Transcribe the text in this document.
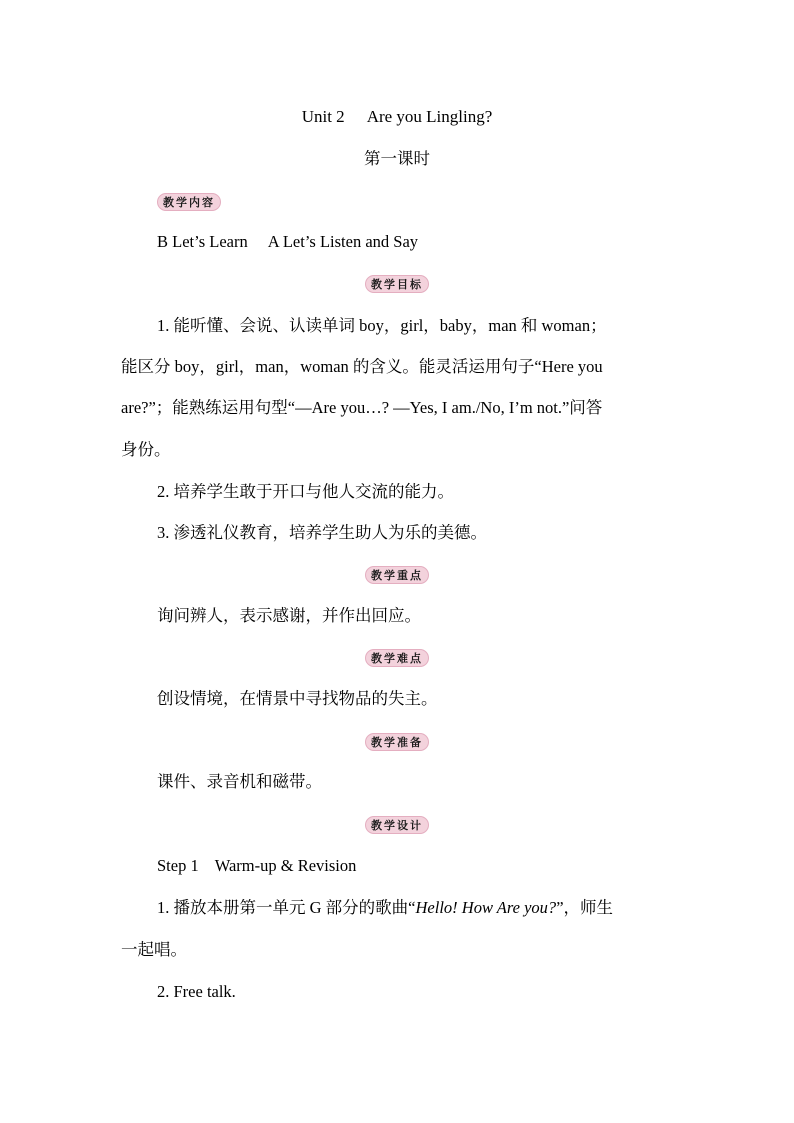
Unit 2 Are you Lingling?
第一课时
教学内容
B Let’s Learn A Let’s Listen and Say
教学目标
1. 能听懂、会说、认读单词 boy，girl，baby，man 和 woman；
能区分 boy，girl，man，woman 的含义。能灵活运用句子“Here you
are?”；能熟练运用句型“—Are you…? —Yes, I am./No, I’m not.”问答
身份。
2. 培养学生敢于开口与他人交流的能力。
3. 渗透礼仪教育，培养学生助人为乐的美德。
教学重点
询问辨人，表示感谢，并作出回应。
教学难点
创设情境，在情景中寻找物品的失主。
教学准备
课件、录音机和磁带。
教学设计
Step 1 Warm-up & Revision
1. 播放本册第一单元 G 部分的歌曲“Hello! How Are you?”，师生
一起唱。
2. Free talk.
